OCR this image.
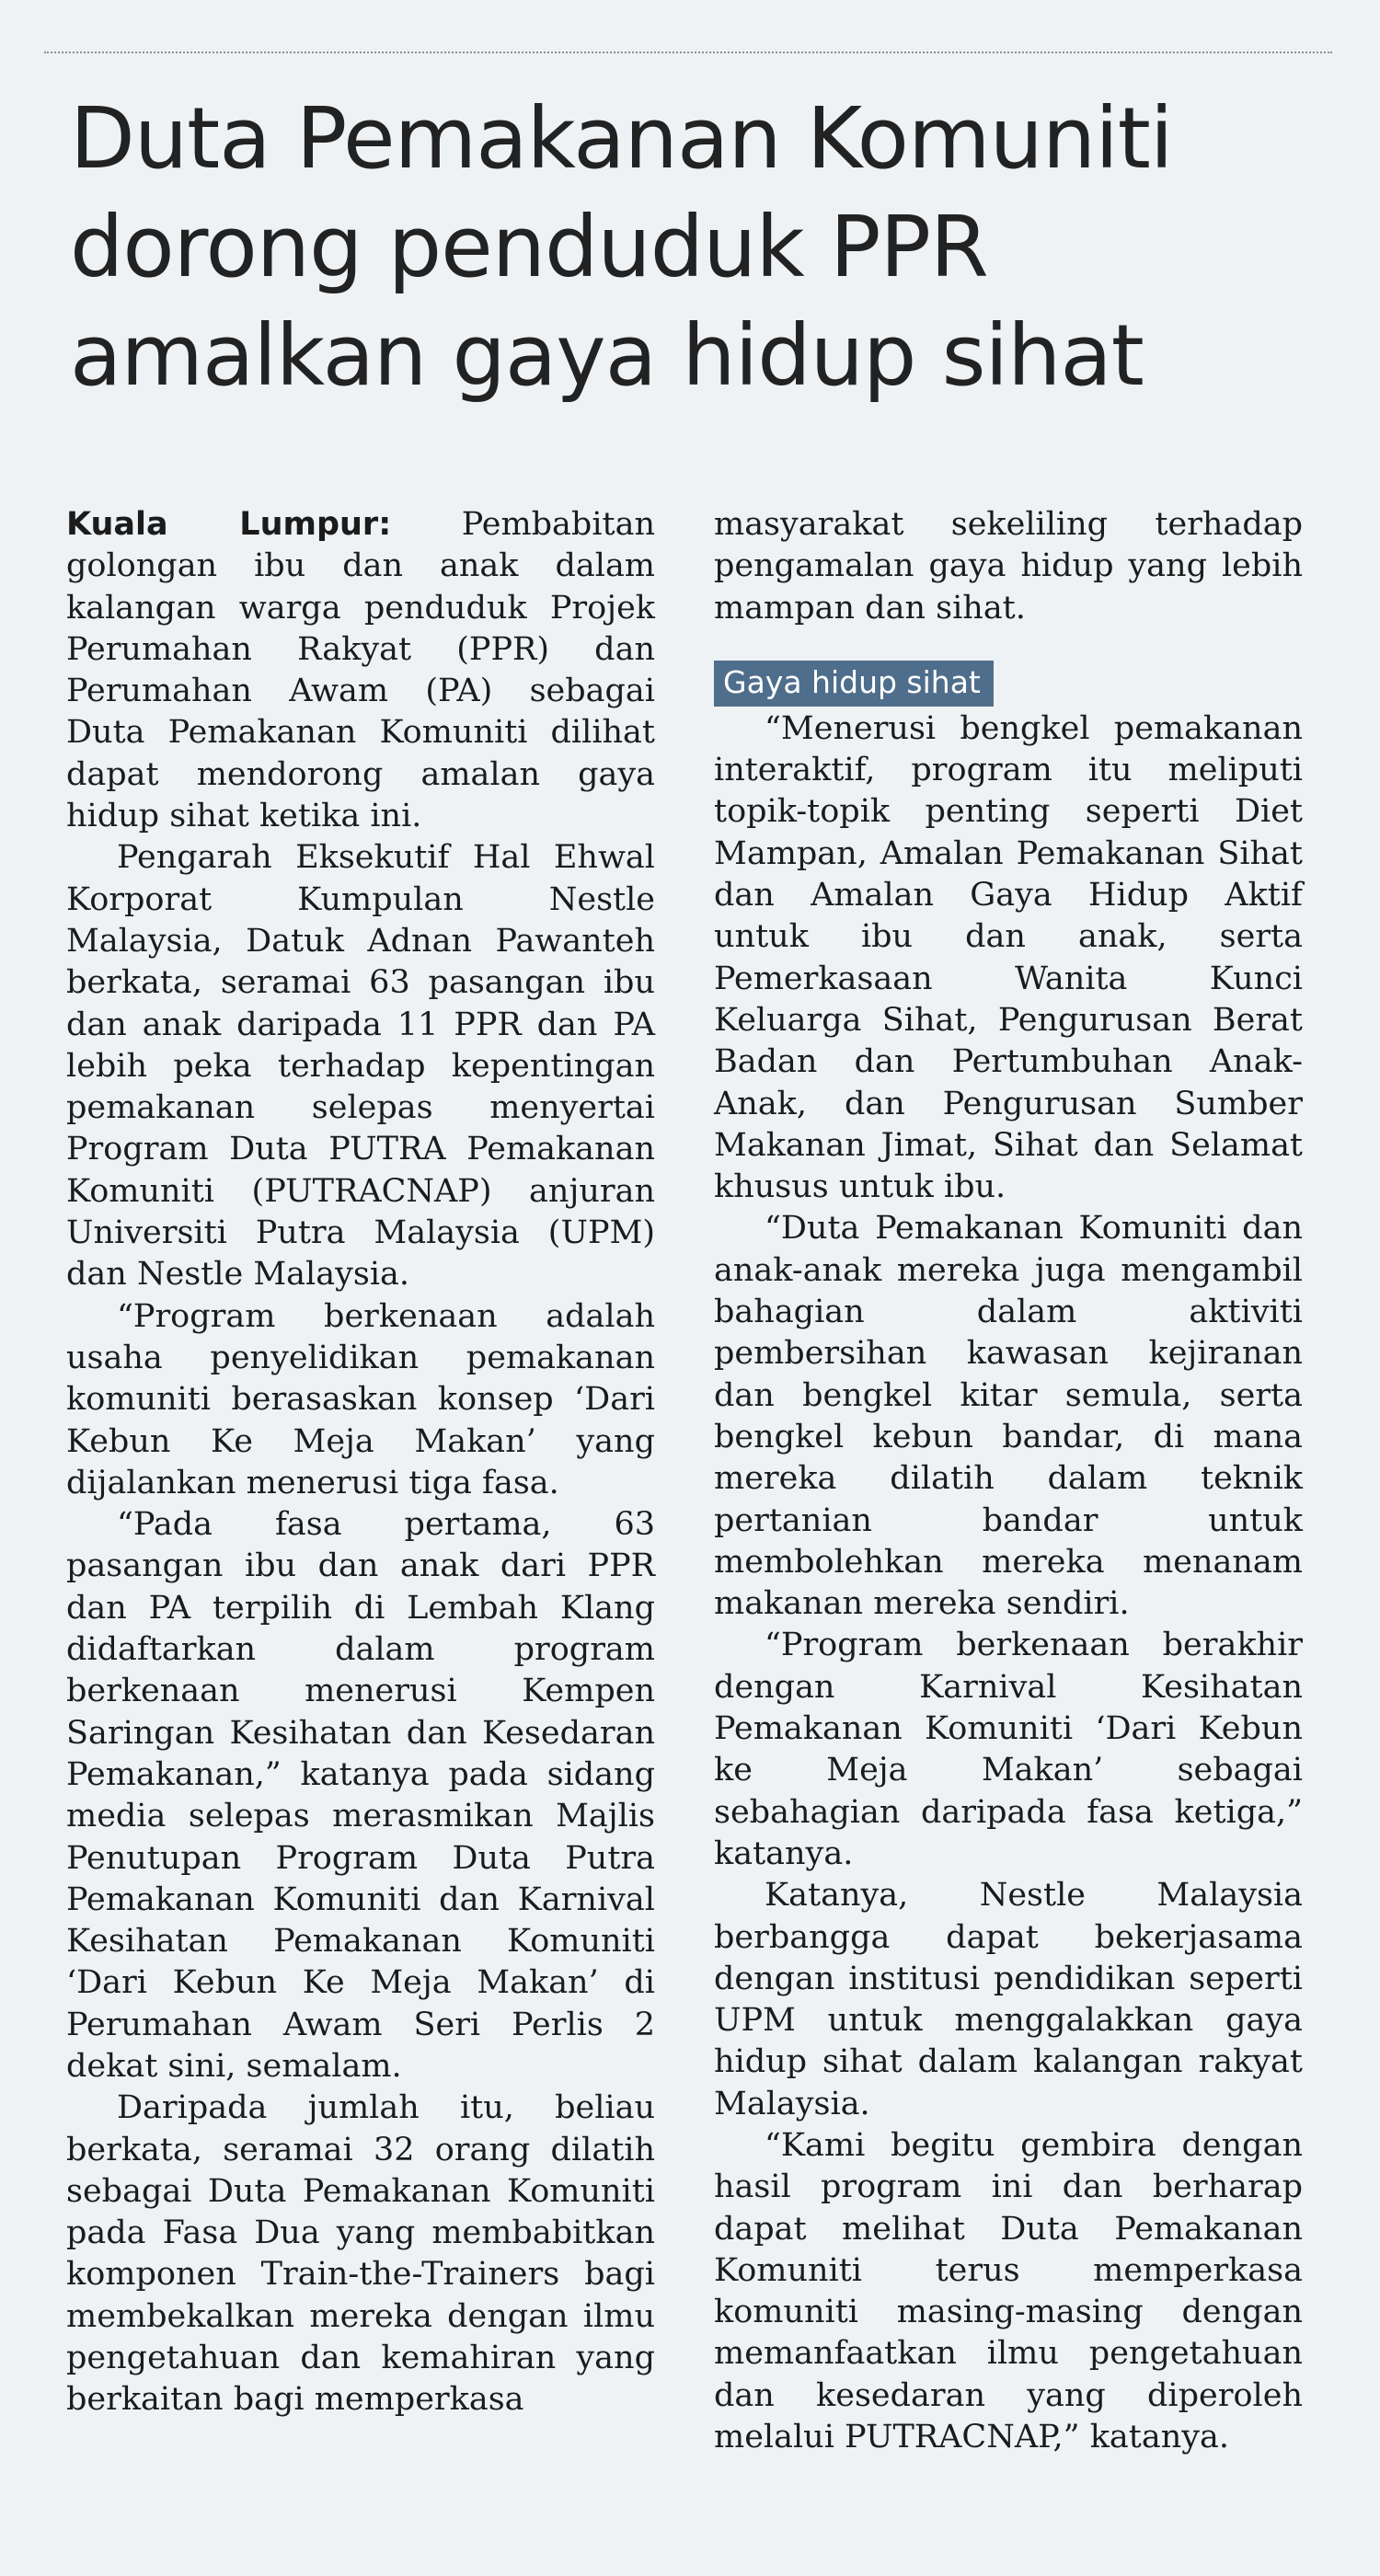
Duta Pemakanan Komuniti
dorong penduduk PPR
amalkan gaya hidup sihat

Kuala Lumpur: Pembabitan golongan ibu dan anak dalam kalangan warga penduduk Projek Perumahan Rakyat (PPR) dan Perumahan Awam (PA) sebagai Duta Pemakanan Komuniti dilihat dapat mendorong amalan gaya hidup sihat ketika ini.

Pengarah Eksekutif Hal Ehwal Korporat Kumpulan Nestle Malaysia, Datuk Adnan Pawanteh berkata, seramai 63 pasangan ibu dan anak daripada 11 PPR dan PA lebih peka terhadap kepentingan pemakanan selepas menyertai Program Duta PUTRA Pemakanan Komuniti (PUTRACNAP) anjuran Universiti Putra Malaysia (UPM) dan Nestle Malaysia.

“Program berkenaan adalah usaha penyelidikan pemakanan komuniti berasaskan konsep ‘Dari Kebun Ke Meja Makan’ yang dijalankan menerusi tiga fasa.

“Pada fasa pertama, 63 pasangan ibu dan anak dari PPR dan PA terpilih di Lembah Klang didaftarkan dalam program berkenaan menerusi Kempen Saringan Kesihatan dan Kesedaran Pemakanan,” katanya pada sidang media selepas merasmikan Majlis Penutupan Program Duta Putra Pemakanan Komuniti dan Karnival Kesihatan Pemakanan Komuniti ‘Dari Kebun Ke Meja Makan’ di Perumahan Awam Seri Perlis 2 dekat sini, semalam.

Daripada jumlah itu, beliau berkata, seramai 32 orang dilatih sebagai Duta Pemakanan Komuniti pada Fasa Dua yang membabitkan komponen Train-the-Trainers bagi membekalkan mereka dengan ilmu pengetahuan dan kemahiran yang berkaitan bagi memperkasa

masyarakat sekeliling terhadap pengamalan gaya hidup yang lebih mampan dan sihat.

Gaya hidup sihat

“Menerusi bengkel pemakanan interaktif, program itu meliputi topik-topik penting seperti Diet Mampan, Amalan Pemakanan Sihat dan Amalan Gaya Hidup Aktif untuk ibu dan anak, serta Pemerkasaan Wanita Kunci Keluarga Sihat, Pengurusan Berat Badan dan Pertumbuhan Anak-Anak, dan Pengurusan Sumber Makanan Jimat, Sihat dan Selamat khusus untuk ibu.

“Duta Pemakanan Komuniti dan anak-anak mereka juga mengambil bahagian dalam aktiviti pembersihan kawasan kejiranan dan bengkel kitar semula, serta bengkel kebun bandar, di mana mereka dilatih dalam teknik pertanian bandar untuk membolehkan mereka menanam makanan mereka sendiri.

“Program berkenaan berakhir dengan Karnival Kesihatan Pemakanan Komuniti ‘Dari Kebun ke Meja Makan’ sebagai sebahagian daripada fasa ketiga,” katanya.

Katanya, Nestle Malaysia berbangga dapat bekerjasama dengan institusi pendidikan seperti UPM untuk menggalakkan gaya hidup sihat dalam kalangan rakyat Malaysia.

“Kami begitu gembira dengan hasil program ini dan berharap dapat melihat Duta Pemakanan Komuniti terus memperkasa komuniti masing-masing dengan memanfaatkan ilmu pengetahuan dan kesedaran yang diperoleh melalui PUTRACNAP,” katanya.
